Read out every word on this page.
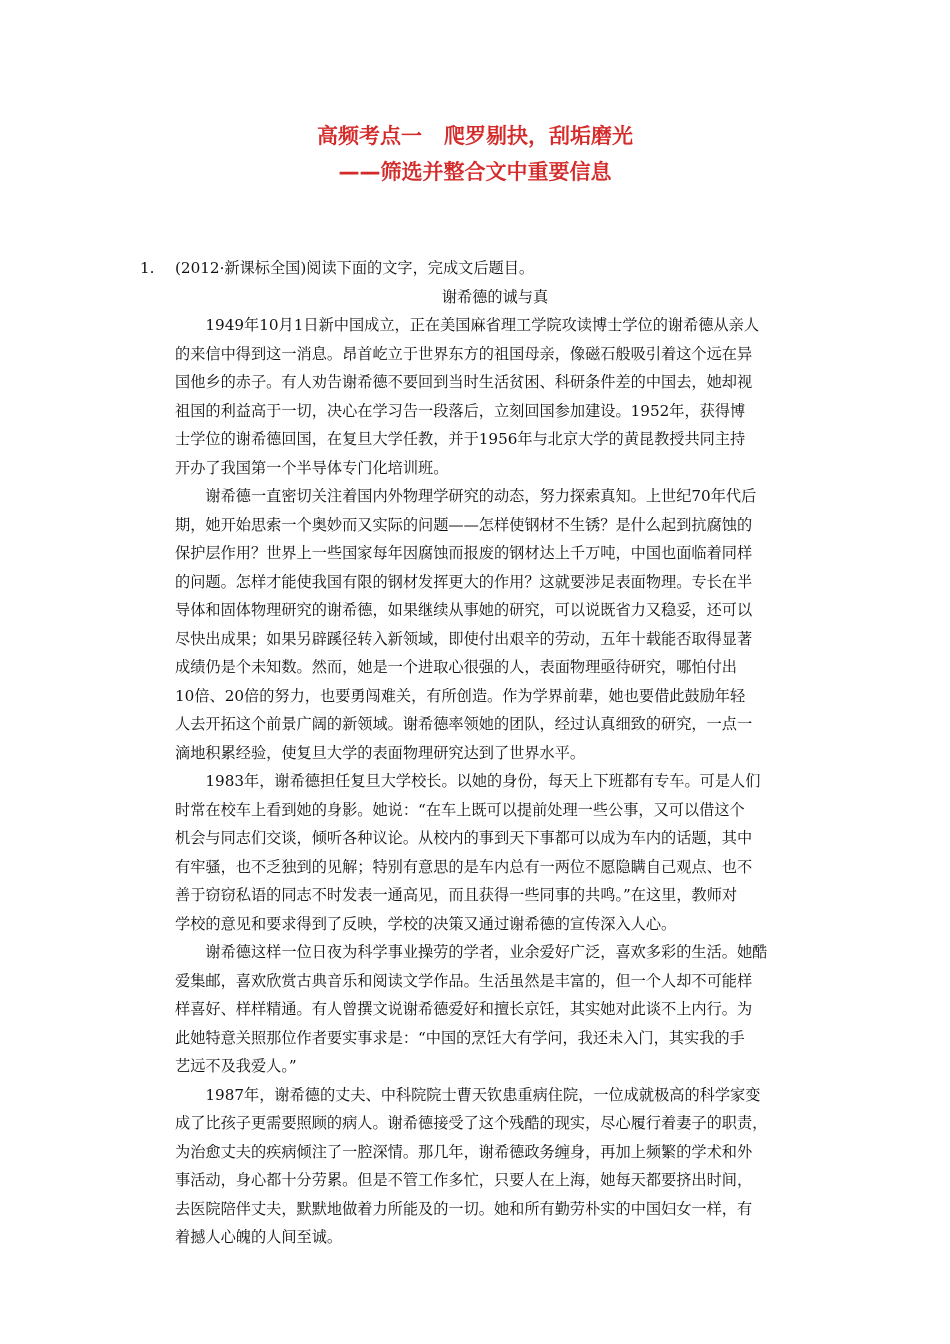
高频考点一 爬罗剔抉，刮垢磨光
——筛选并整合文中重要信息
1.	(2012·新课标全国)阅读下面的文字，完成文后题目。

谢希德的诚与真

1949年10月1日新中国成立，正在美国麻省理工学院攻读博士学位的谢希德从亲人
的来信中得到这一消息。昂首屹立于世界东方的祖国母亲，像磁石般吸引着这个远在异
国他乡的赤子。有人劝告谢希德不要回到当时生活贫困、科研条件差的中国去，她却视
祖国的利益高于一切，决心在学习告一段落后，立刻回国参加建设。1952年，获得博
士学位的谢希德回国，在复旦大学任教，并于1956年与北京大学的黄昆教授共同主持
开办了我国第一个半导体专门化培训班。

谢希德一直密切关注着国内外物理学研究的动态，努力探索真知。上世纪70年代后
期，她开始思索一个奥妙而又实际的问题——怎样使钢材不生锈？是什么起到抗腐蚀的
保护层作用？世界上一些国家每年因腐蚀而报废的钢材达上千万吨，中国也面临着同样
的问题。怎样才能使我国有限的钢材发挥更大的作用？这就要涉足表面物理。专长在半
导体和固体物理研究的谢希德，如果继续从事她的研究，可以说既省力又稳妥，还可以
尽快出成果；如果另辟蹊径转入新领域，即使付出艰辛的劳动，五年十载能否取得显著
成绩仍是个未知数。然而，她是一个进取心很强的人，表面物理亟待研究，哪怕付出
10倍、20倍的努力，也要勇闯难关，有所创造。作为学界前辈，她也要借此鼓励年轻
人去开拓这个前景广阔的新领域。谢希德率领她的团队，经过认真细致的研究，一点一
滴地积累经验，使复旦大学的表面物理研究达到了世界水平。

1983年，谢希德担任复旦大学校长。以她的身份，每天上下班都有专车。可是人们
时常在校车上看到她的身影。她说：“在车上既可以提前处理一些公事，又可以借这个
机会与同志们交谈，倾听各种议论。从校内的事到天下事都可以成为车内的话题，其中
有牢骚，也不乏独到的见解；特别有意思的是车内总有一两位不愿隐瞒自己观点、也不
善于窃窃私语的同志不时发表一通高见，而且获得一些同事的共鸣。”在这里，教师对
学校的意见和要求得到了反映，学校的决策又通过谢希德的宣传深入人心。

谢希德这样一位日夜为科学事业操劳的学者，业余爱好广泛，喜欢多彩的生活。她酷
爱集邮，喜欢欣赏古典音乐和阅读文学作品。生活虽然是丰富的，但一个人却不可能样
样喜好、样样精通。有人曾撰文说谢希德爱好和擅长京饪，其实她对此谈不上内行。为
此她特意关照那位作者要实事求是：“中国的烹饪大有学问，我还未入门，其实我的手
艺远不及我爱人。”

1987年，谢希德的丈夫、中科院院士曹天钦患重病住院，一位成就极高的科学家变
成了比孩子更需要照顾的病人。谢希德接受了这个残酷的现实，尽心履行着妻子的职责，
为治愈丈夫的疾病倾注了一腔深情。那几年，谢希德政务缠身，再加上频繁的学术和外
事活动，身心都十分劳累。但是不管工作多忙，只要人在上海，她每天都要挤出时间，
去医院陪伴丈夫，默默地做着力所能及的一切。她和所有勤劳朴实的中国妇女一样，有
着撼人心魄的人间至诚。
